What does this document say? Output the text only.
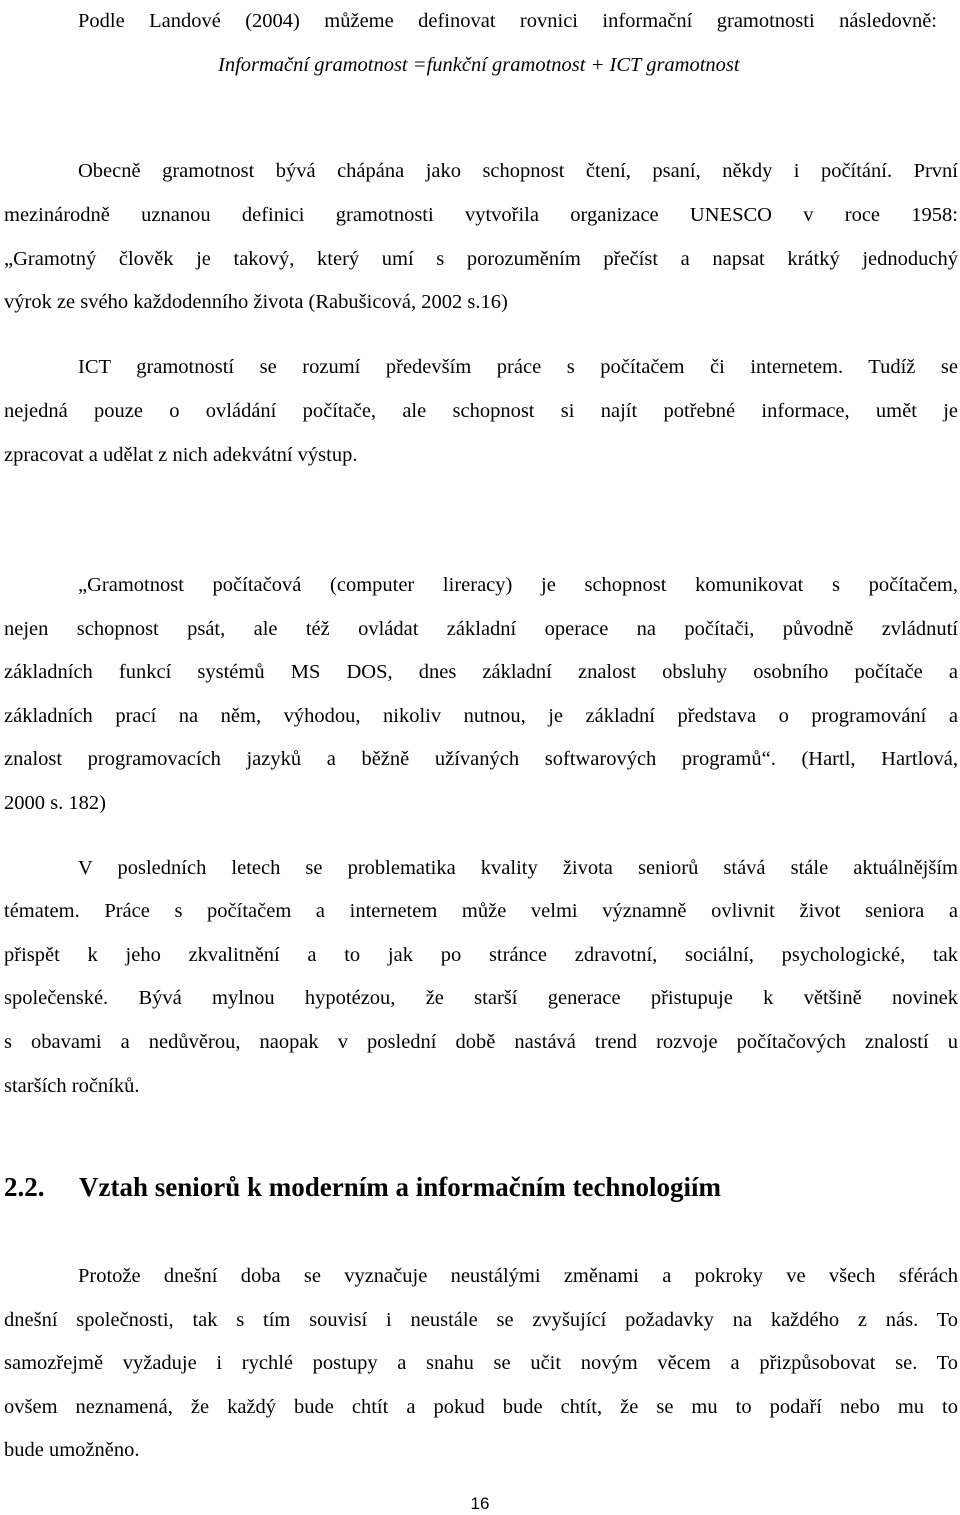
Podle Landové (2004) můžeme definovat rovnici informační gramotnosti následovně:
Informační gramotnost =funkční gramotnost + ICT gramotnost
Obecně gramotnost bývá chápána jako schopnost čtení, psaní, někdy i počítání. První
mezinárodně uznanou definici gramotnosti vytvořila organizace UNESCO v roce 1958:
„Gramotný člověk je takový, který umí s porozuměním přečíst a napsat krátký jednoduchý
výrok ze svého každodenního života (Rabušicová, 2002 s.16)
ICT gramotností se rozumí především práce s počítačem či internetem. Tudíž se
nejedná pouze o ovládání počítače, ale schopnost si najít potřebné informace, umět je
zpracovat a udělat z nich adekvátní výstup.
„Gramotnost počítačová (computer lireracy) je schopnost komunikovat s počítačem,
nejen schopnost psát, ale též ovládat základní operace na počítači, původně zvládnutí
základních funkcí systémů MS DOS, dnes základní znalost obsluhy osobního počítače a
základních prací na něm, výhodou, nikoliv nutnou, je základní představa o programování a
znalost programovacích jazyků a běžně užívaných softwarových programů“. (Hartl, Hartlová,
2000 s. 182)
V posledních letech se problematika kvality života seniorů stává stále aktuálnějším
tématem. Práce s počítačem a internetem může velmi významně ovlivnit život seniora a
přispět k jeho zkvalitnění a to jak po stránce zdravotní, sociální, psychologické, tak
společenské. Bývá mylnou hypotézou, že starší generace přistupuje k většině novinek
s obavami a nedůvěrou, naopak v poslední době nastává trend rozvoje počítačových znalostí u
starších ročníků.
2.2. Vztah seniorů k moderním a informačním technologiím
Protože dnešní doba se vyznačuje neustálými změnami a pokroky ve všech sférách
dnešní společnosti, tak s tím souvisí i neustále se zvyšující požadavky na každého z nás. To
samozřejmě vyžaduje i rychlé postupy a snahu se učit novým věcem a přizpůsobovat se. To
ovšem neznamená, že každý bude chtít a pokud bude chtít, že se mu to podaří nebo mu to
bude umožněno.
16
